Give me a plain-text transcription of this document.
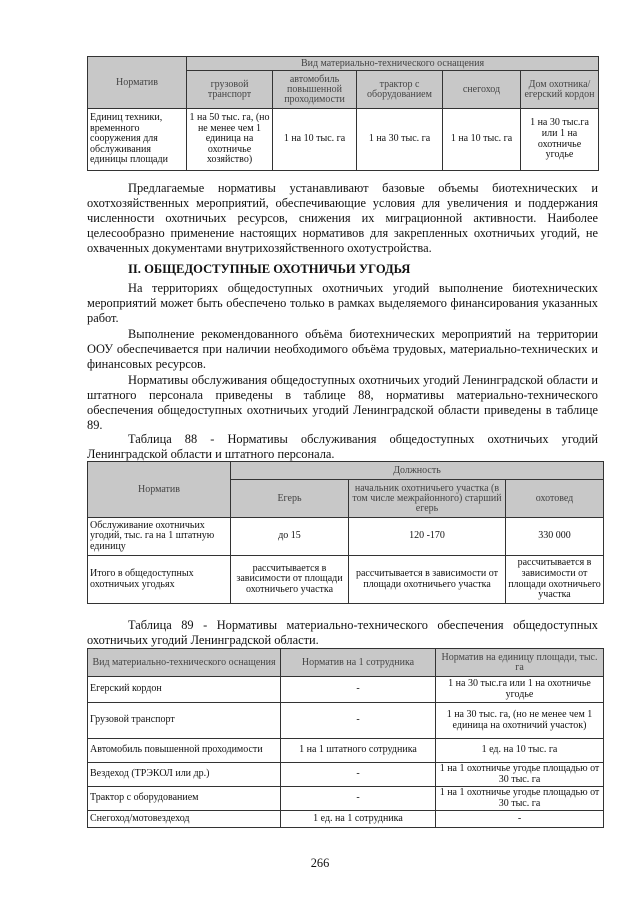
Норматив	Вид материально-технического оснащения				
	грузовой транспорт	автомобиль повышенной проходимости	трактор с оборудованием	снегоход	Дом охотника/ егерский кордон
Единиц техники, временного сооружения для обслуживания единицы площади	1 на 50 тыс. га, (но не менее чем 1 единица на охотничье хозяйство)	1 на 10 тыс. га	1 на 30 тыс. га	1 на 10 тыс. га	1 на 30 тыс.га или 1 на охотничье угодье

Предлагаемые нормативы устанавливают базовые объемы биотехнических и охотхозяйственных мероприятий, обеспечивающие условия для увеличения и поддержания численности охотничьих ресурсов, снижения их миграционной активности. Наиболее целесообразно применение настоящих нормативов для закрепленных охотничьих угодий, не охваченных документами внутрихозяйственного охотустройства.

II. ОБЩЕДОСТУПНЫЕ ОХОТНИЧЬИ УГОДЬЯ

На территориях общедоступных охотничьих угодий выполнение биотехнических мероприятий может быть обеспечено только в рамках выделяемого финансирования указанных работ.

Выполнение рекомендованного объёма биотехнических мероприятий на территории ООУ обеспечивается при наличии необходимого объёма трудовых, материально-технических и финансовых ресурсов.

Нормативы обслуживания общедоступных охотничьих угодий Ленинградской области и штатного персонала приведены в таблице 88, нормативы материально-технического обеспечения общедоступных охотничьих угодий Ленинградской области приведены в таблице 89.

Таблица 88 - Нормативы обслуживания общедоступных охотничьих угодий Ленинградской области и штатного персонала.

Норматив	Должность		
	Егерь	начальник охотничьего участка (в том числе межрайонного) старший егерь	охотовед
Обслуживание охотничьих угодий, тыс. га на 1 штатную единицу	до 15	120 -170	330 000
Итого в общедоступных охотничьих угодьях	рассчитывается в зависимости от площади охотничьего участка	рассчитывается в зависимости от площади охотничьего участка	рассчитывается в зависимости от площади охотничьего участка

Таблица 89 - Нормативы материально-технического обеспечения общедоступных охотничьих угодий Ленинградской области.

Вид материально-технического оснащения	Норматив на 1 сотрудника	Норматив на единицу площади, тыс. га
Егерский кордон	-	1 на 30 тыс.га или 1 на охотничье угодье
Грузовой транспорт	-	1 на 30 тыс. га, (но не менее чем 1 единица на охотничий участок)
Автомобиль повышенной проходимости	1 на 1 штатного сотрудника	1 ед. на 10 тыс. га
Вездеход (ТРЭКОЛ или др.)	-	1 на 1 охотничье угодье площадью от 30 тыс. га
Трактор с оборудованием	-	1 на 1 охотничье угодье площадью от 30 тыс. га
Снегоход/мотовездеход	1 ед. на 1 сотрудника	-
266
